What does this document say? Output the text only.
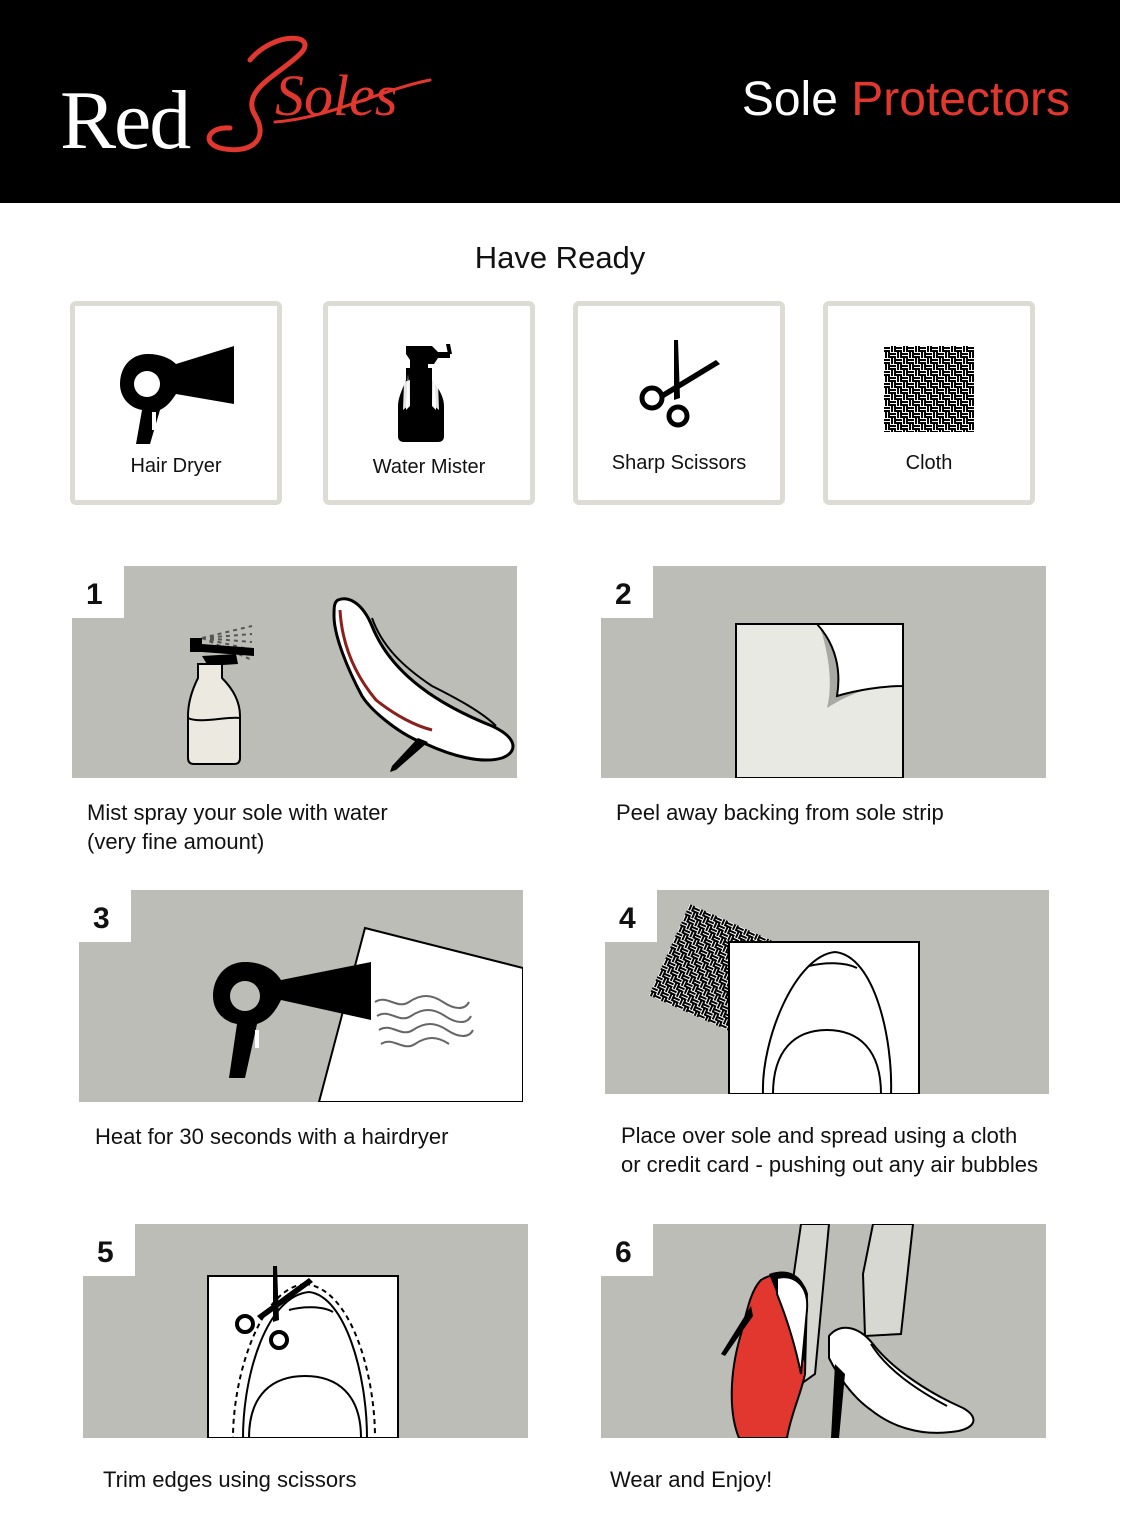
Red Soles	Sole Protectors
Have Ready
Hair Dryer	Water Mister	Sharp Scissors	Cloth
1
Mist spray your sole with water
(very fine amount)
2
Peel away backing from sole strip
3
Heat for 30 seconds with a hairdryer
4
Place over sole and spread using a cloth
or credit card - pushing out any air bubbles
5
Trim edges using scissors
6
Wear and Enjoy!
